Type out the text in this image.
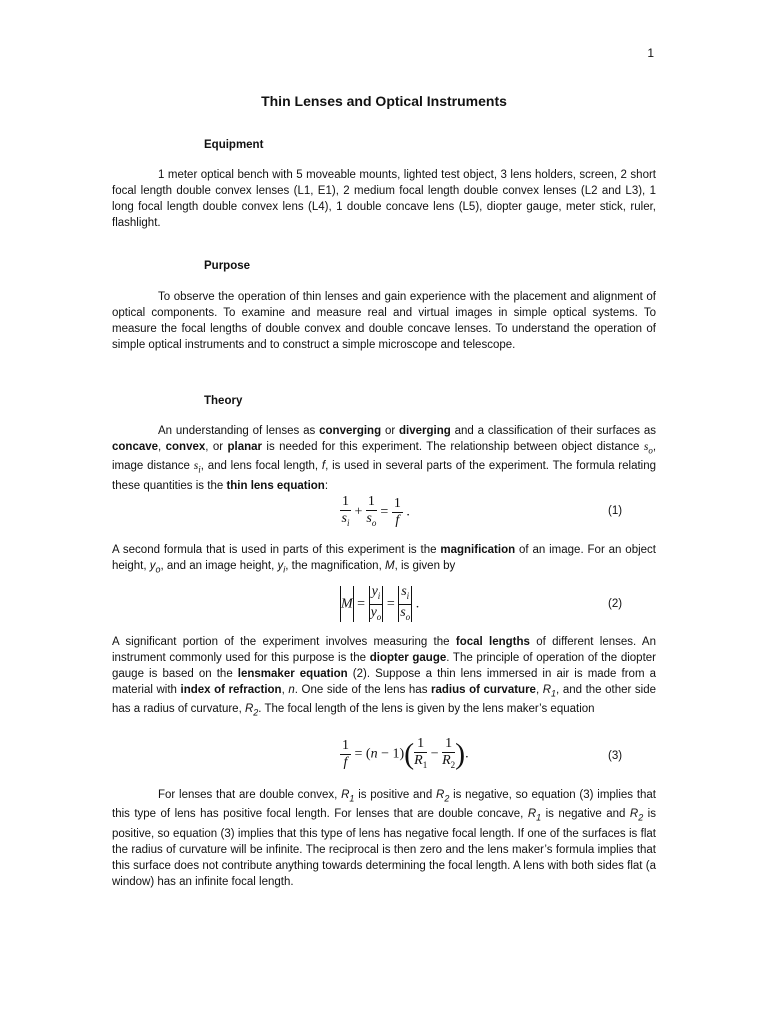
1
Thin Lenses and Optical Instruments
Equipment
1 meter optical bench with 5 moveable mounts, lighted test object, 3 lens holders, screen, 2 short focal length double convex lenses (L1, E1), 2 medium focal length double convex lenses (L2 and L3), 1 long focal length double convex lens (L4), 1 double concave lens (L5), diopter gauge, meter stick, ruler, flashlight.
Purpose
To observe the operation of thin lenses and gain experience with the placement and alignment of optical components. To examine and measure real and virtual images in simple optical systems. To measure the focal lengths of double convex and double concave lenses. To understand the operation of simple optical instruments and to construct a simple microscope and telescope.
Theory
An understanding of lenses as converging or diverging and a classification of their surfaces as concave, convex, or planar is needed for this experiment. The relationship between object distance $s_o$, image distance $s_i$, and lens focal length, f, is used in several parts of the experiment. The formula relating these quantities is the thin lens equation:
$\frac{1}{s_i} + \frac{1}{s_o} = \frac{1}{f}$ .	(1)
A second formula that is used in parts of this experiment is the magnification of an image. For an object height, $y_o$, and an image height, $y_i$, the magnification, M, is given by
$M = \frac{y_i}{y_o} = \frac{s_i}{s_o}$ .	(2)
A significant portion of the experiment involves measuring the focal lengths of different lenses. An instrument commonly used for this purpose is the diopter gauge. The principle of operation of the diopter gauge is based on the lensmaker equation (2). Suppose a thin lens immersed in air is made from a material with index of refraction, n. One side of the lens has radius of curvature, $R_1$, and the other side has a radius of curvature, $R_2$. The focal length of the lens is given by the lens maker’s equation
$\frac{1}{f} = (n - 1)( \frac{1}{R_1} - \frac{1}{R_2}$ ).	(3)
For lenses that are double convex, $R_1$ is positive and $R_2$ is negative, so equation (3) implies that this type of lens has positive focal length. For lenses that are double concave, $R_1$ is negative and $R_2$ is positive, so equation (3) implies that this type of lens has negative focal length. If one of the surfaces is flat the radius of curvature will be infinite. The reciprocal is then zero and the lens maker’s formula implies that this surface does not contribute anything towards determining the focal length. A lens with both sides flat (a window) has an infinite focal length.
